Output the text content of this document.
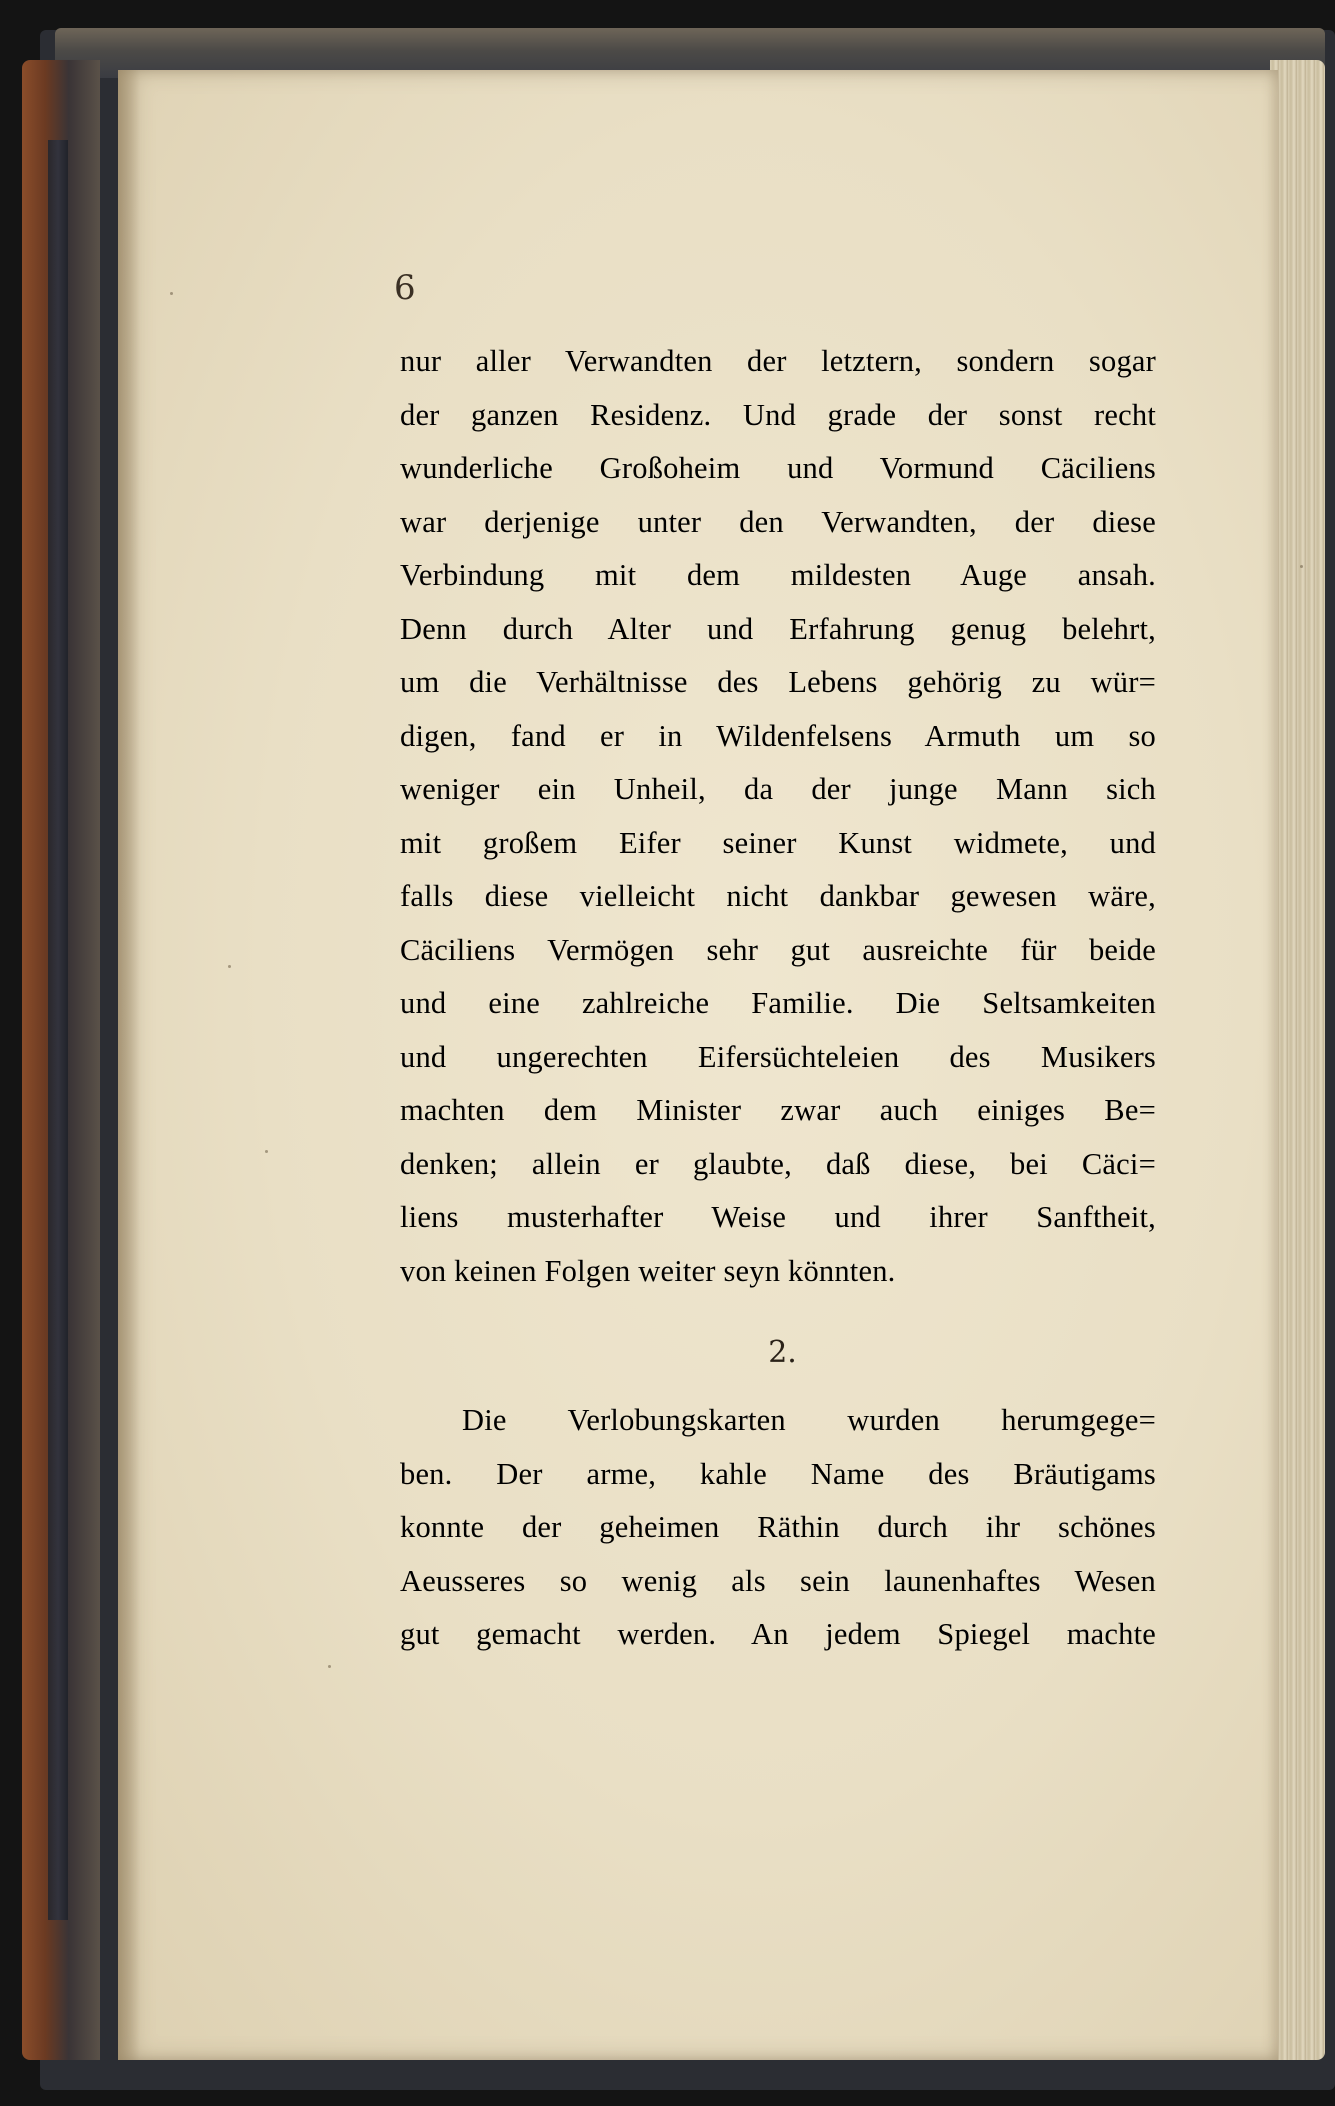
6
nur aller Verwandten der letztern, sondern sogar
der ganzen Residenz. Und grade der sonst recht
wunderliche Großoheim und Vormund Cäciliens
war derjenige unter den Verwandten, der diese
Verbindung mit dem mildesten Auge ansah.
Denn durch Alter und Erfahrung genug belehrt,
um die Verhältnisse des Lebens gehörig zu wür=
digen, fand er in Wildenfelsens Armuth um so
weniger ein Unheil, da der junge Mann sich
mit großem Eifer seiner Kunst widmete, und
falls diese vielleicht nicht dankbar gewesen wäre,
Cäciliens Vermögen sehr gut ausreichte für beide
und eine zahlreiche Familie. Die Seltsamkeiten
und ungerechten Eifersüchteleien des Musikers
machten dem Minister zwar auch einiges Be=
denken; allein er glaubte, daß diese, bei Cäci=
liens musterhafter Weise und ihrer Sanftheit,
von keinen Folgen weiter seyn könnten.
2.
Die Verlobungskarten wurden herumgege=
ben. Der arme, kahle Name des Bräutigams
konnte der geheimen Räthin durch ihr schönes
Aeusseres so wenig als sein launenhaftes Wesen
gut gemacht werden. An jedem Spiegel machte
